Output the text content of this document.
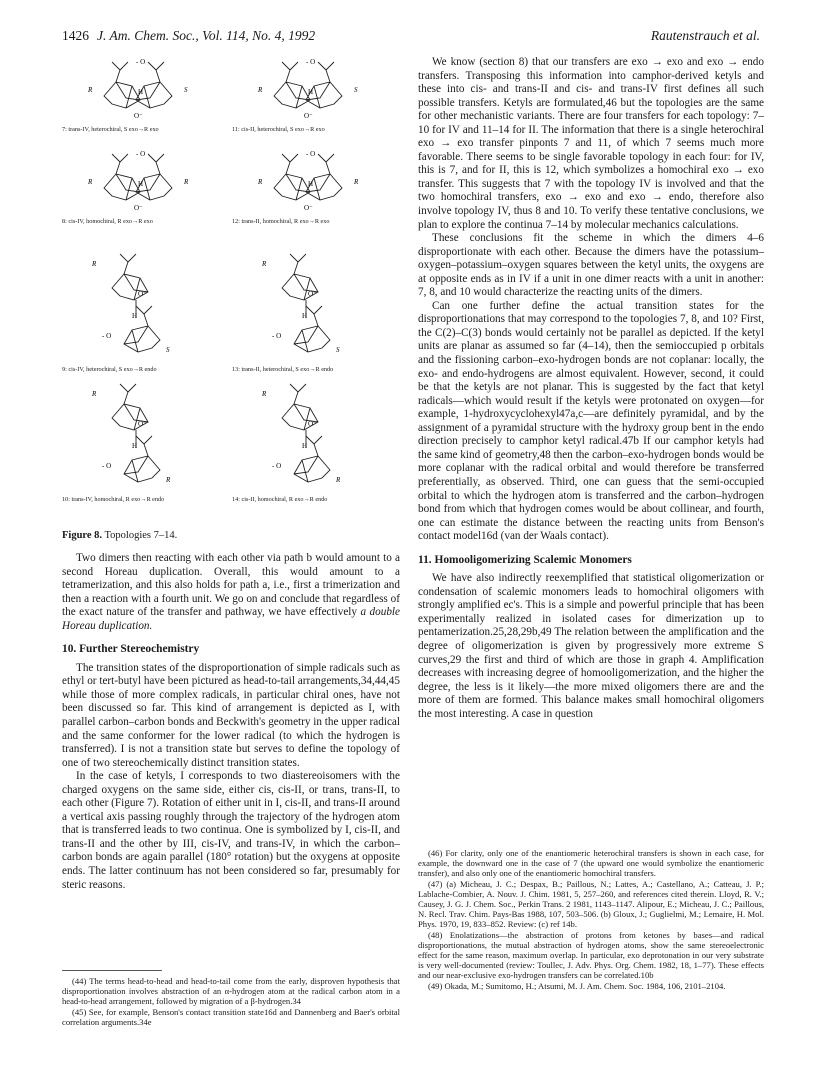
1426 J. Am. Chem. Soc., Vol. 114, No. 4, 1992	Rautenstrauch et al.
R	S
H
O⁻
- O
7: trans-IV, heterochiral, S exo→R exo
R	R
H
O⁻
- O
8: cis-IV, homochiral, R exo→R exo
R
O⁻
H
- O
S
9: cis-IV, heterochiral, S exo→R endo
R
O⁻
H
- O
R
10: trans-IV, homochiral, R exo→R endo
R	S
H
O⁻
- O
11: cis-II, heterochiral, S exo→R exo
R	R
H
O⁻
- O
12: trans-II, homochiral, R exo→R exo
R
O⁻
H
- O
S
13: trans-II, heterochiral, S exo→R endo
R
O⁻
H
- O
R
14: cis-II, homochiral, R exo→R endo
Figure 8. Topologies 7–14.

Two dimers then reacting with each other via path b would amount to a second Horeau duplication. Overall, this would amount to a tetramerization, and this also holds for path a, i.e., first a trimerization and then a reaction with a fourth unit. We go on and conclude that regardless of the exact nature of the transfer and pathway, we have effectively a double Horeau duplication.

10. Further Stereochemistry

The transition states of the disproportionation of simple radicals such as ethyl or tert-butyl have been pictured as head-to-tail arrangements,34,44,45 while those of more complex radicals, in particular chiral ones, have not been discussed so far. This kind of arrangement is depicted as I, with parallel carbon–carbon bonds and Beckwith's geometry in the upper radical and the same conformer for the lower radical (to which the hydrogen is transferred). I is not a transition state but serves to define the topology of one of two stereochemically distinct transition states.

In the case of ketyls, I corresponds to two diastereoisomers with the charged oxygens on the same side, either cis, cis-II, or trans, trans-II, to each other (Figure 7). Rotation of either unit in I, cis-II, and trans-II around a vertical axis passing roughly through the trajectory of the hydrogen atom that is transferred leads to two continua. One is symbolized by I, cis-II, and trans-II and the other by III, cis-IV, and trans-IV, in which the carbon–carbon bonds are again parallel (180° rotation) but the oxygens at opposite ends. The latter continuum has not been considered so far, presumably for steric reasons.

(44) The terms head-to-head and head-to-tail come from the early, disproven hypothesis that disproportionation involves abstraction of an α-hydrogen atom at the radical carbon atom in a head-to-head arrangement, followed by migration of a β-hydrogen.34

(45) See, for example, Benson's contact transition state16d and Dannenberg and Baer's orbital correlation arguments.34e

We know (section 8) that our transfers are exo → exo and exo → endo transfers. Transposing this information into camphor-derived ketyls and these into cis- and trans-II and cis- and trans-IV first defines all such possible transfers. Ketyls are formulated,46 but the topologies are the same for other mechanistic variants. There are four transfers for each topology: 7–10 for IV and 11–14 for II. The information that there is a single heterochiral exo → exo transfer pinponts 7 and 11, of which 7 seems much more favorable. There seems to be single favorable topology in each four: for IV, this is 7, and for II, this is 12, which symbolizes a homochiral exo → exo transfer. This suggests that 7 with the topology IV is involved and that the two homochiral transfers, exo → exo and exo → endo, therefore also involve topology IV, thus 8 and 10. To verify these tentative conclusions, we plan to explore the continua 7–14 by molecular mechanics calculations.

These conclusions fit the scheme in which the dimers 4–6 disproportionate with each other. Because the dimers have the potassium–oxygen–potassium–oxygen squares between the ketyl units, the oxygens are at opposite ends as in IV if a unit in one dimer reacts with a unit in another: 7, 8, and 10 would characterize the reacting units of the dimers.

Can one further define the actual transition states for the disproportionations that may correspond to the topologies 7, 8, and 10? First, the C(2)–C(3) bonds would certainly not be parallel as depicted. If the ketyl units are planar as assumed so far (4–14), then the semioccupied p orbitals and the fissioning carbon–exo-hydrogen bonds are not coplanar: locally, the exo- and endo-hydrogens are almost equivalent. However, second, it could be that the ketyls are not planar. This is suggested by the fact that ketyl radicals—which would result if the ketyls were protonated on oxygen—for example, 1-hydroxycyclohexyl47a,c—are definitely pyramidal, and by the assignment of a pyramidal structure with the hydroxy group bent in the endo direction precisely to camphor ketyl radical.47b If our camphor ketyls had the same kind of geometry,48 then the carbon–exo-hydrogen bonds would be more coplanar with the radical orbital and would therefore be transferred preferentially, as observed. Third, one can guess that the semi-occupied orbital to which the hydrogen atom is transferred and the carbon–hydrogen bond from which that hydrogen comes would be about collinear, and fourth, one can estimate the distance between the reacting units from Benson's contact model16d (van der Waals contact).

11. Homooligomerizing Scalemic Monomers

We have also indirectly reexemplified that statistical oligomerization or condensation of scalemic monomers leads to homochiral oligomers with strongly amplified ec's. This is a simple and powerful principle that has been experimentally realized in isolated cases for dimerization up to pentamerization.25,28,29b,49 The relation between the amplification and the degree of oligomerization is given by progressively more extreme S curves,29 the first and third of which are those in graph 4. Amplification decreases with increasing degree of homooligomerization, and the higher the degree, the less is it likely—the more mixed oligomers there are and the more of them are formed. This balance makes small homochiral oligomers the most interesting. A case in question

(46) For clarity, only one of the enantiomeric heterochiral transfers is shown in each case, for example, the downward one in the case of 7 (the upward one would symbolize the enantiomeric transfer), and also only one of the enantiomeric homochiral transfers.

(47) (a) Micheau, J. C.; Despax, B.; Paillous, N.; Lattes, A.; Castellano, A.; Catteau, J. P.; Lablache-Combier, A. Nouv. J. Chim. 1981, 5, 257–260, and references cited therein. Lloyd, R. V.; Causey, J. G. J. Chem. Soc., Perkin Trans. 2 1981, 1143–1147. Alipour, E.; Micheau, J. C.; Paillous, N. Recl. Trav. Chim. Pays-Bas 1988, 107, 503–506. (b) Gloux, J.; Guglielmi, M.; Lemaire, H. Mol. Phys. 1970, 19, 833–852. Review: (c) ref 14b.

(48) Enolatizations—the abstraction of protons from ketones by bases—and radical disproportionations, the mutual abstraction of hydrogen atoms, show the same stereoelectronic effect for the same reason, maximum overlap. In particular, exo deprotonation in our very substrate is very well-documented (review: Toullec, J. Adv. Phys. Org. Chem. 1982, 18, 1–77). These effects and our near-exclusive exo-hydrogen transfers can be correlated.10b

(49) Okada, M.; Sumitomo, H.; Atsumi, M. J. Am. Chem. Soc. 1984, 106, 2101–2104.
